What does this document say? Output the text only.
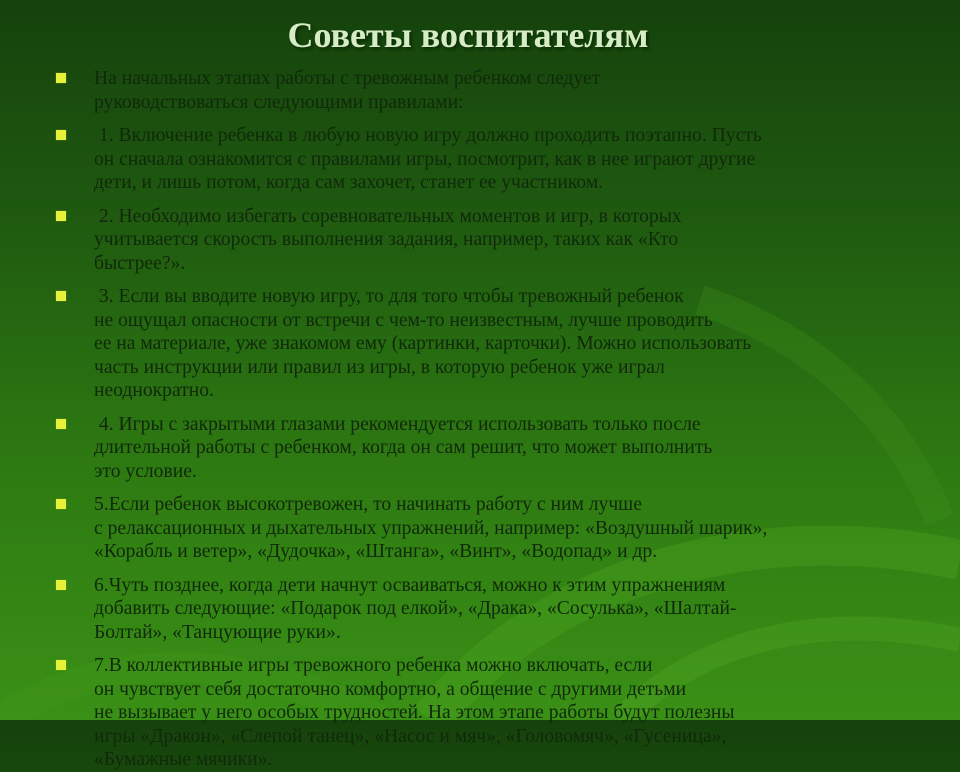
Советы воспитателям
На начальных этапах работы с тревожным ребенком следует
руководствоваться следующими правилами:
1. Включение ребенка в любую новую игру должно проходить поэтапно. Пусть
он сначала ознакомится с правилами игры, посмотрит, как в нее играют другие
дети, и лишь потом, когда сам захочет, станет ее участником.
2. Необходимо избегать соревновательных моментов и игр, в которых
учитывается скорость выполнения задания, например, таких как «Кто
быстрее?».
3. Если вы вводите новую игру, то для того чтобы тревожный ребенок
не ощущал опасности от встречи с чем-то неизвестным, лучше проводить
ее на материале, уже знакомом ему (картинки, карточки). Можно использовать
часть инструкции или правил из игры, в которую ребенок уже играл
неоднократно.
4. Игры с закрытыми глазами рекомендуется использовать только после
длительной работы с ребенком, когда он сам решит, что может выполнить
это условие.
5.Если ребенок высокотревожен, то начинать работу с ним лучше
с релаксационных и дыхательных упражнений, например: «Воздушный шарик»,
«Корабль и ветер», «Дудочка», «Штанга», «Винт», «Водопад» и др.
6.Чуть позднее, когда дети начнут осваиваться, можно к этим упражнениям
добавить следующие: «Подарок под елкой», «Драка», «Сосулька», «Шалтай-
Болтай», «Танцующие руки».
7.В коллективные игры тревожного ребенка можно включать, если
он чувствует себя достаточно комфортно, а общение с другими детьми
не вызывает у него особых трудностей. На этом этапе работы будут полезны
игры «Дракон», «Слепой танец», «Насос и мяч», «Головомяч», «Гусеница»,
«Бумажные мячики».
